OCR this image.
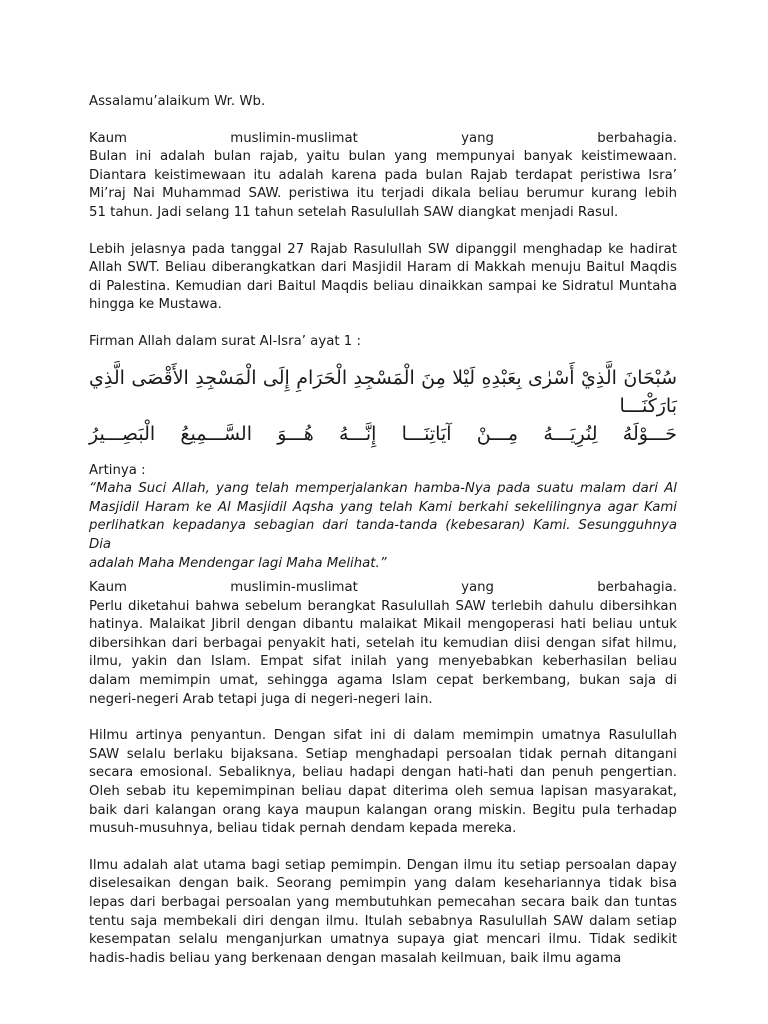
Assalamu’alaikum Wr. Wb.

Kaum	muslimin-muslimat	yang	berbahagia.

Bulan ini adalah bulan rajab, yaitu bulan yang mempunyai banyak keistimewaan.
Diantara keistimewaan itu adalah karena pada bulan Rajab terdapat peristiwa Isra’
Mi’raj Nai Muhammad SAW. peristiwa itu terjadi dikala beliau berumur kurang lebih
51 tahun. Jadi selang 11 tahun setelah Rasulullah SAW diangkat menjadi Rasul.

Lebih jelasnya pada tanggal 27 Rajab Rasulullah SW dipanggil menghadap ke hadirat
Allah SWT. Beliau diberangkatkan dari Masjidil Haram di Makkah menuju Baitul Maqdis
di Palestina. Kemudian dari Baitul Maqdis beliau dinaikkan sampai ke Sidratul Muntaha
hingga ke Mustawa.

Firman Allah dalam surat Al-Isra’ ayat 1 :

سُبْحَانَ الَّذِيْ أَسْرٰى بِعَبْدِهِ لَيْلا مِنَ الْمَسْجِدِ الْحَرَامِ إِلَى الْمَسْجِدِ الأَقْصَى الَّذِي بَارَكْنَـــا
حَـــوْلَهُ لِنُرِيَـــهُ مِـــنْ آيَاتِنَـــا إِنَّـــهُ هُـــوَ السَّـــمِيعُ الْبَصِـــيرُ

Artinya :

“Maha Suci Allah, yang telah memperjalankan hamba-Nya pada suatu malam dari Al
Masjidil Haram ke Al Masjidil Aqsha yang telah Kami berkahi sekelilingnya agar Kami
perlihatkan kepadanya sebagian dari tanda-tanda (kebesaran) Kami. Sesungguhnya Dia
adalah Maha Mendengar lagi Maha Melihat.”

Kaum	muslimin-muslimat	yang	berbahagia.

Perlu diketahui bahwa sebelum berangkat Rasulullah SAW terlebih dahulu dibersihkan
hatinya. Malaikat Jibril dengan dibantu malaikat Mikail mengoperasi hati beliau untuk
dibersihkan dari berbagai penyakit hati, setelah itu kemudian diisi dengan sifat hilmu,
ilmu, yakin dan Islam. Empat sifat inilah yang menyebabkan keberhasilan beliau
dalam memimpin umat, sehingga agama Islam cepat berkembang, bukan saja di
negeri-negeri Arab tetapi juga di negeri-negeri lain.

Hilmu artinya penyantun. Dengan sifat ini di dalam memimpin umatnya Rasulullah
SAW selalu berlaku bijaksana. Setiap menghadapi persoalan tidak pernah ditangani
secara emosional. Sebaliknya, beliau hadapi dengan hati-hati dan penuh pengertian.
Oleh sebab itu kepemimpinan beliau dapat diterima oleh semua lapisan masyarakat,
baik dari kalangan orang kaya maupun kalangan orang miskin. Begitu pula terhadap
musuh-musuhnya, beliau tidak pernah dendam kepada mereka.

Ilmu adalah alat utama bagi setiap pemimpin. Dengan ilmu itu setiap persoalan dapay
diselesaikan dengan baik. Seorang pemimpin yang dalam kesehariannya tidak bisa
lepas dari berbagai persoalan yang membutuhkan pemecahan secara baik dan tuntas
tentu saja membekali diri dengan ilmu. Itulah sebabnya Rasulullah SAW dalam setiap
kesempatan selalu menganjurkan umatnya supaya giat mencari ilmu. Tidak sedikit
hadis-hadis beliau yang berkenaan dengan masalah keilmuan, baik ilmu agama
